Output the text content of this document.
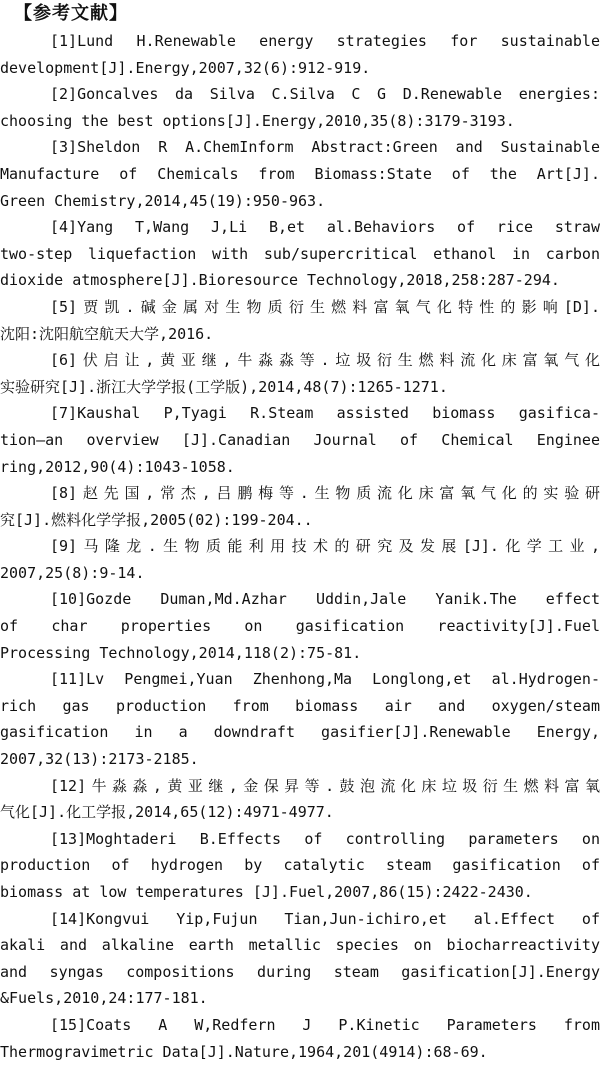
【参考文献】
[1]Lund H.Renewable energy strategies for sustainable
development[J].Energy,2007,32(6):912-919.
[2]Goncalves da Silva C.Silva C G D.Renewable energies:
choosing the best options[J].Energy,2010,35(8):3179-3193.
[3]Sheldon R A.ChemInform Abstract:Green and Sustainable
Manufacture of Chemicals from Biomass:State of the Art[J].
Green Chemistry,2014,45(19):950-963.
[4]Yang T,Wang J,Li B,et al.Behaviors of rice straw
two-step liquefaction with sub/supercritical ethanol in carbon
dioxide atmosphere[J].Bioresource Technology,2018,258:287-294.
[5]贾凯.碱金属对生物质衍生燃料富氧气化特性的影响[D].
沈阳:沈阳航空航天大学,2016.
[6]伏启让,黄亚继,牛淼淼等.垃圾衍生燃料流化床富氧气化
实验研究[J].浙江大学学报(工学版),2014,48(7):1265-1271.
[7]Kaushal P,Tyagi R.Steam assisted biomass gasifica-
tion—an overview [J].Canadian Journal of Chemical Enginee
ring,2012,90(4):1043-1058.
[8]赵先国,常杰,吕鹏梅等.生物质流化床富氧气化的实验研
究[J].燃料化学学报,2005(02):199-204..
[9]马隆龙.生物质能利用技术的研究及发展[J].化学工业,
2007,25(8):9-14.
[10]Gozde Duman,Md.Azhar Uddin,Jale Yanik.The effect
of char properties on gasification reactivity[J].Fuel
Processing Technology,2014,118(2):75-81.
[11]Lv Pengmei,Yuan Zhenhong,Ma Longlong,et al.Hydrogen-
rich gas production from biomass air and oxygen/steam
gasification in a downdraft gasifier[J].Renewable Energy,
2007,32(13):2173-2185.
[12]牛淼淼,黄亚继,金保昇等.鼓泡流化床垃圾衍生燃料富氧
气化[J].化工学报,2014,65(12):4971-4977.
[13]Moghtaderi B.Effects of controlling parameters on
production of hydrogen by catalytic steam gasification of
biomass at low temperatures [J].Fuel,2007,86(15):2422-2430.
[14]Kongvui Yip,Fujun Tian,Jun-ichiro,et al.Effect of
akali and alkaline earth metallic species on biocharreactivity
and syngas compositions during steam gasification[J].Energy
&Fuels,2010,24:177-181.
[15]Coats A W,Redfern J P.Kinetic Parameters from
Thermogravimetric Data[J].Nature,1964,201(4914):68-69.
